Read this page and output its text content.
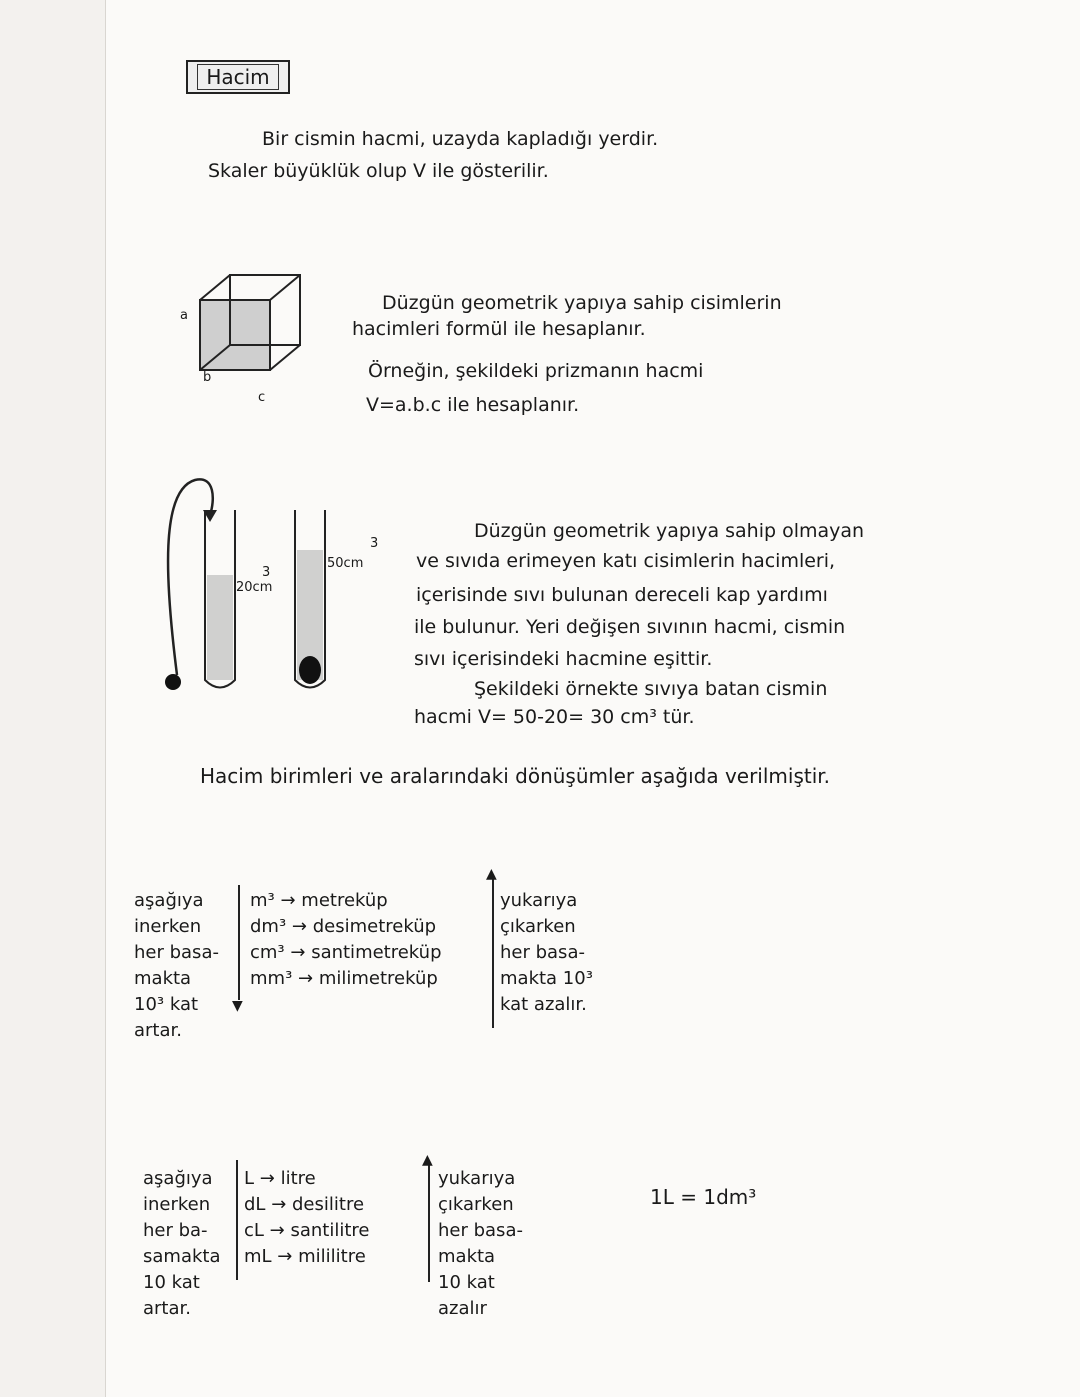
Hacim
Bir cismin hacmi, uzayda kapladığı yerdir.
Skaler büyüklük olup V ile gösterilir.
a
b
c
Düzgün geometrik yapıya sahip cisimlerin
hacimleri formül ile hesaplanır.
Örneğin, şekildeki prizmanın hacmi
V=a.b.c ile hesaplanır.
20cm
3
50cm
3
Düzgün geometrik yapıya sahip olmayan
ve sıvıda erimeyen katı cisimlerin hacimleri,
içerisinde sıvı bulunan dereceli kap yardımı
ile bulunur. Yeri değişen sıvının hacmi, cismin
sıvı içerisindeki hacmine eşittir.
Şekildeki örnekte sıvıya batan cismin
hacmi V= 50-20= 30 cm³ tür.
Hacim birimleri ve aralarındaki dönüşümler aşağıda verilmiştir.
aşağıya
inerken
her basa-
makta
10³ kat
artar.
▼
m³ → metreküp
dm³ → desimetreküp
cm³ → santimetreküp
mm³ → milimetreküp
▲
yukarıya
çıkarken
her basa-
makta 10³
kat azalır.
aşağıya
inerken
her ba-
samakta
10 kat
artar.
L → litre
dL → desilitre
cL → santilitre
mL → mililitre
▲
yukarıya
çıkarken
her basa-
makta
10 kat
azalır
1L = 1dm³
